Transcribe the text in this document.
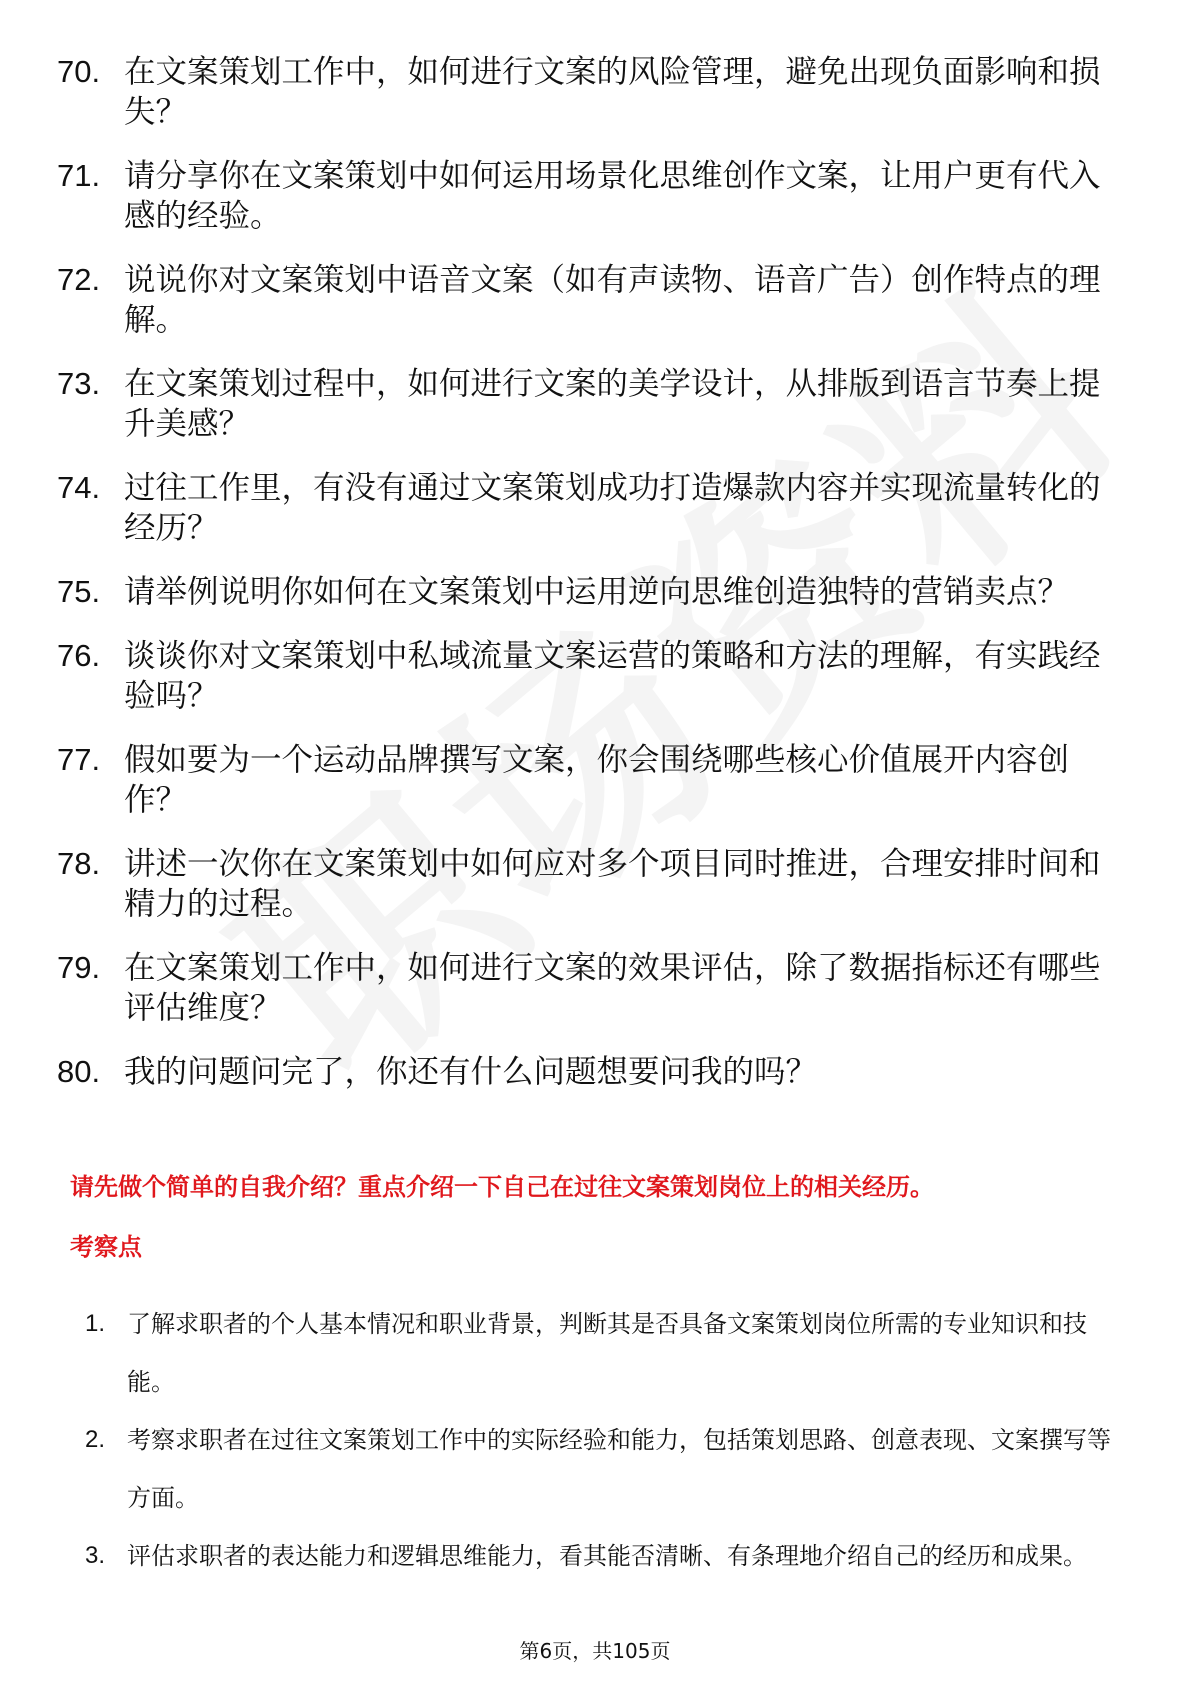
70. 在文案策划工作中，如何进行文案的风险管理，避免出现负面影响和损失？
71. 请分享你在文案策划中如何运用场景化思维创作文案，让用户更有代入感的经验。
72. 说说你对文案策划中语音文案（如有声读物、语音广告）创作特点的理解。
73. 在文案策划过程中，如何进行文案的美学设计，从排版到语言节奏上提升美感？
74. 过往工作里，有没有通过文案策划成功打造爆款内容并实现流量转化的经历？
75. 请举例说明你如何在文案策划中运用逆向思维创造独特的营销卖点？
76. 谈谈你对文案策划中私域流量文案运营的策略和方法的理解，有实践经验吗？
77. 假如要为一个运动品牌撰写文案，你会围绕哪些核心价值展开内容创作？
78. 讲述一次你在文案策划中如何应对多个项目同时推进，合理安排时间和精力的过程。
79. 在文案策划工作中，如何进行文案的效果评估，除了数据指标还有哪些评估维度？
80. 我的问题问完了，你还有什么问题想要问我的吗？
请先做个简单的自我介绍？重点介绍一下自己在过往文案策划岗位上的相关经历。
考察点
1. 了解求职者的个人基本情况和职业背景，判断其是否具备文案策划岗位所需的专业知识和技能。
2. 考察求职者在过往文案策划工作中的实际经验和能力，包括策划思路、创意表现、文案撰写等方面。
3. 评估求职者的表达能力和逻辑思维能力，看其能否清晰、有条理地介绍自己的经历和成果。
第6页，共105页
